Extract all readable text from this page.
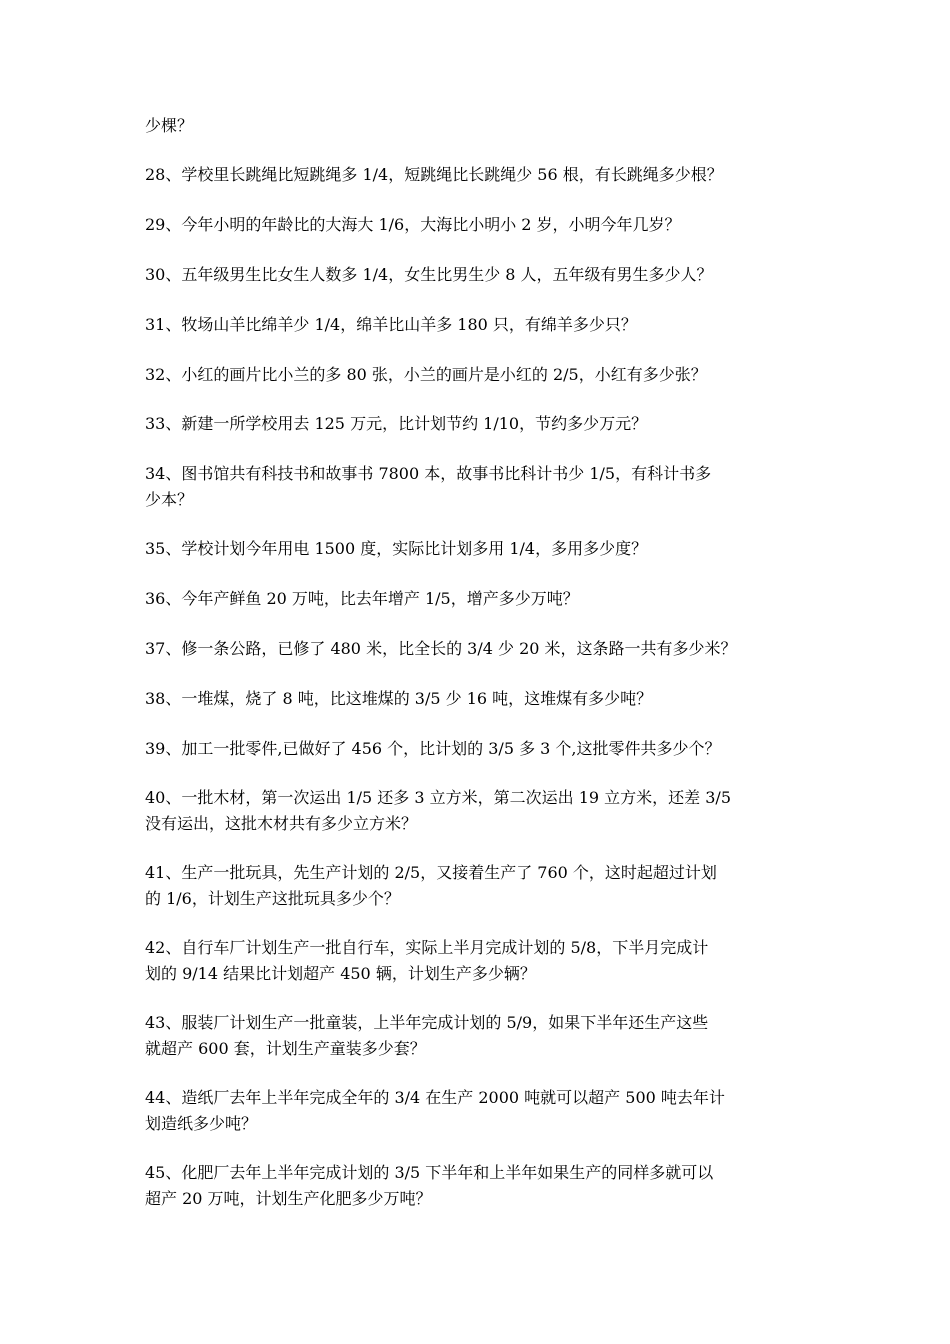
少棵？
28、学校里长跳绳比短跳绳多 1/4，短跳绳比长跳绳少 56 根，有长跳绳多少根？
29、今年小明的年龄比的大海大 1/6，大海比小明小 2 岁，小明今年几岁？
30、五年级男生比女生人数多 1/4，女生比男生少 8 人，五年级有男生多少人？
31、牧场山羊比绵羊少 1/4，绵羊比山羊多 180 只，有绵羊多少只？
32、小红的画片比小兰的多 80 张，小兰的画片是小红的 2/5，小红有多少张？
33、新建一所学校用去 125 万元，比计划节约 1/10，节约多少万元？
34、图书馆共有科技书和故事书 7800 本，故事书比科计书少 1/5，有科计书多
少本？
35、学校计划今年用电 1500 度，实际比计划多用 1/4，多用多少度？
36、今年产鲜鱼 20 万吨，比去年增产 1/5，增产多少万吨？
37、修一条公路，已修了 480 米，比全长的 3/4 少 20 米，这条路一共有多少米？
38、一堆煤，烧了 8 吨，比这堆煤的 3/5 少 16 吨，这堆煤有多少吨？
39、加工一批零件,已做好了 456 个，比计划的 3/5 多 3 个,这批零件共多少个？
40、一批木材，第一次运出 1/5 还多 3 立方米，第二次运出 19 立方米，还差 3/5
没有运出，这批木材共有多少立方米？
41、生产一批玩具，先生产计划的 2/5，又接着生产了 760 个，这时起超过计划
的 1/6，计划生产这批玩具多少个？
42、自行车厂计划生产一批自行车，实际上半月完成计划的 5/8，下半月完成计
划的 9/14 结果比计划超产 450 辆，计划生产多少辆？
43、服装厂计划生产一批童装，上半年完成计划的 5/9，如果下半年还生产这些
就超产 600 套，计划生产童装多少套？
44、造纸厂去年上半年完成全年的 3/4 在生产 2000 吨就可以超产 500 吨去年计
划造纸多少吨？
45、化肥厂去年上半年完成计划的 3/5 下半年和上半年如果生产的同样多就可以
超产 20 万吨，计划生产化肥多少万吨？
